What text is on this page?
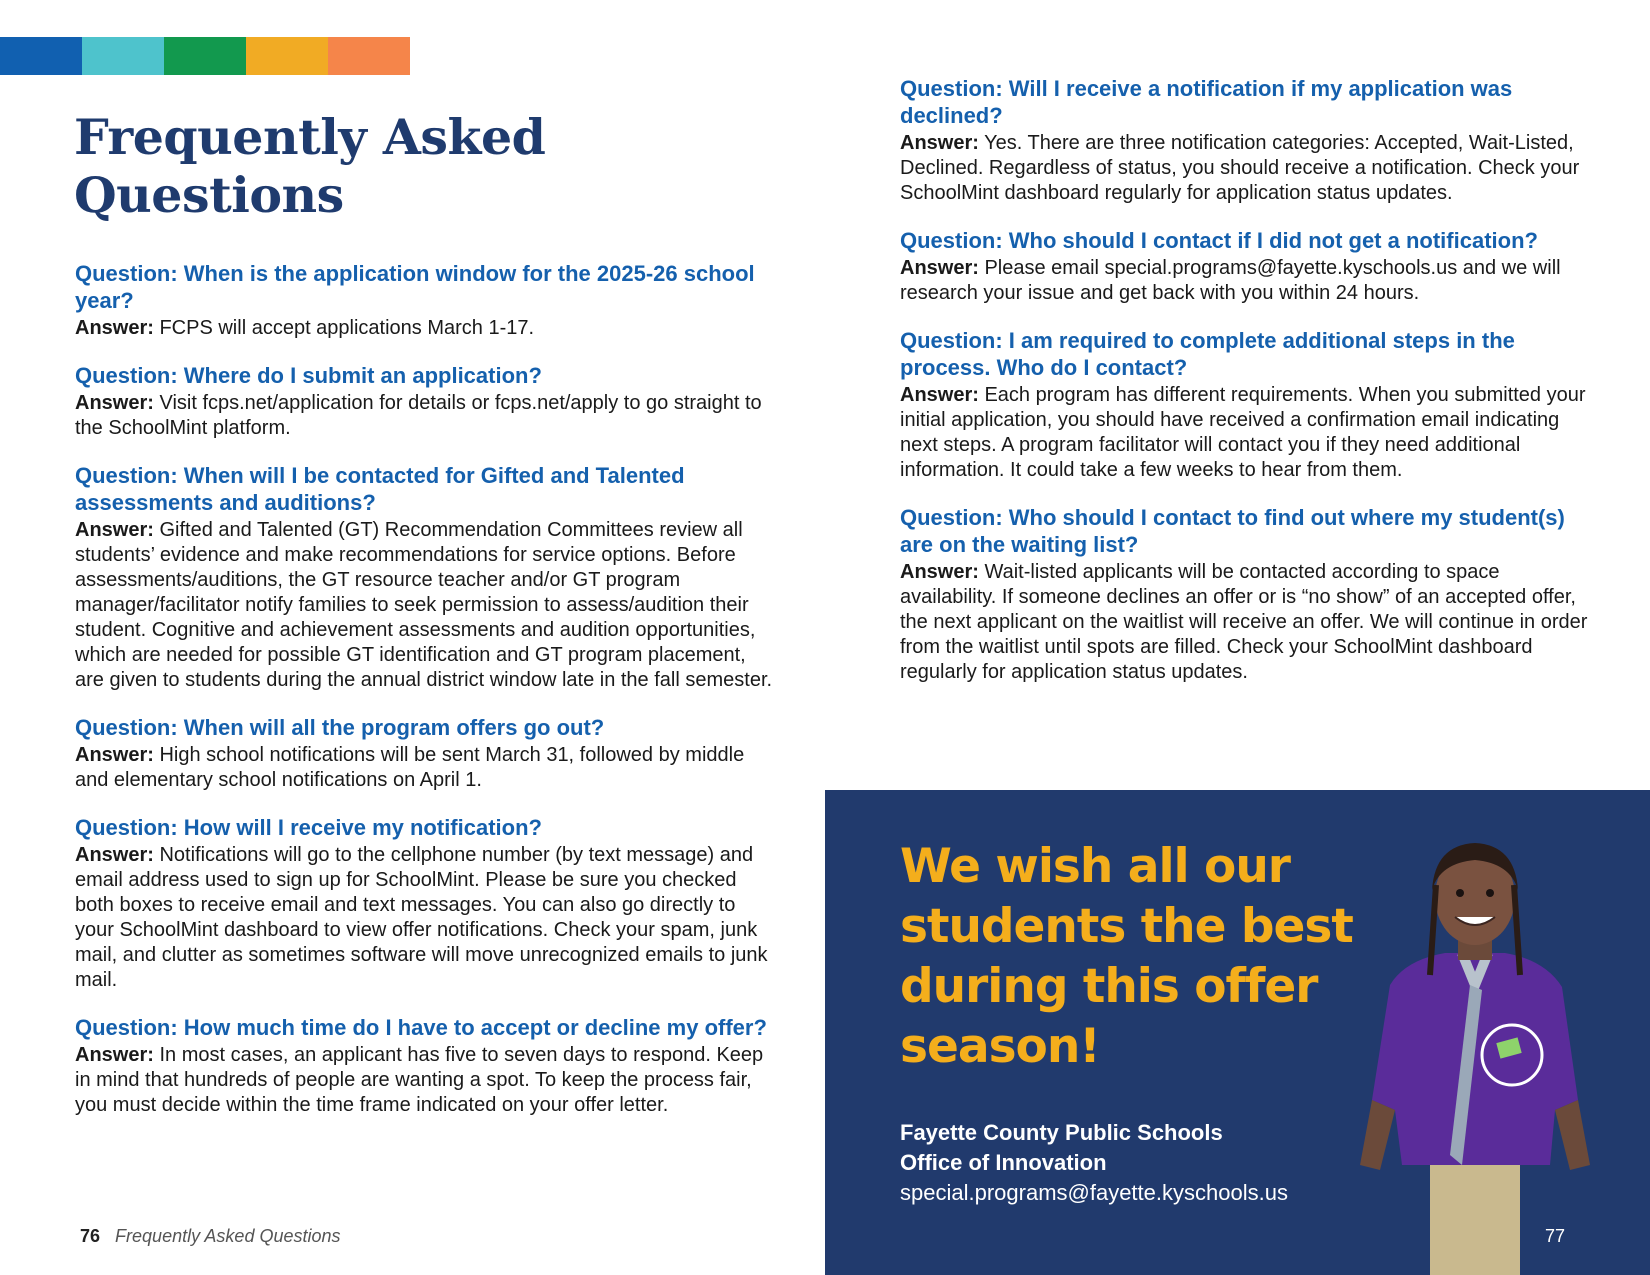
Frequently Asked Questions

Question: When is the application window for the 2025-26 school year?

Answer: FCPS will accept applications March 1-17.

Question: Where do I submit an application?

Answer: Visit fcps.net/application for details or fcps.net/apply to go straight to the SchoolMint platform.

Question: When will I be contacted for Gifted and Talented assessments and auditions?

Answer: Gifted and Talented (GT) Recommendation Committees review all students’ evidence and make recommendations for service options. Before assessments/auditions, the GT resource teacher and/or GT program manager/facilitator notify families to seek permission to assess/audition their student. Cognitive and achievement assessments and audition opportunities, which are needed for possible GT identification and GT program placement, are given to students during the annual district window late in the fall semester.

Question: When will all the program offers go out?

Answer: High school notifications will be sent March 31, followed by middle and elementary school notifications on April 1.

Question: How will I receive my notification?

Answer: Notifications will go to the cellphone number (by text message) and email address used to sign up for SchoolMint. Please be sure you checked both boxes to receive email and text messages. You can also go directly to your SchoolMint dashboard to view offer notifications. Check your spam, junk mail, and clutter as sometimes software will move unrecognized emails to junk mail.

Question: How much time do I have to accept or decline my offer?

Answer: In most cases, an applicant has five to seven days to respond. Keep in mind that hundreds of people are wanting a spot. To keep the process fair, you must decide within the time frame indicated on your offer letter.

Question: Will I receive a notification if my application was declined?

Answer: Yes. There are three notification categories: Accepted, Wait-Listed, Declined. Regardless of status, you should receive a notification. Check your SchoolMint dashboard regularly for application status updates.

Question: Who should I contact if I did not get a notification?

Answer: Please email special.programs@fayette.kyschools.us and we will research your issue and get back with you within 24 hours.

Question: I am required to complete additional steps in the process. Who do I contact?

Answer: Each program has different requirements. When you submitted your initial application, you should have received a confirmation email indicating next steps. A program facilitator will contact you if they need additional information. It could take a few weeks to hear from them.

Question: Who should I contact to find out where my student(s) are on the waiting list?

Answer: Wait-listed applicants will be contacted according to space availability. If someone declines an offer or is “no show” of an accepted offer, the next applicant on the waitlist will receive an offer. We will continue in order from the waitlist until spots are filled. Check your SchoolMint dashboard regularly for application status updates.

76 Frequently Asked Questions
We wish all our students the best during this offer season!
Fayette County Public Schools
Office of Innovation
special.programs@fayette.kyschools.us
77
